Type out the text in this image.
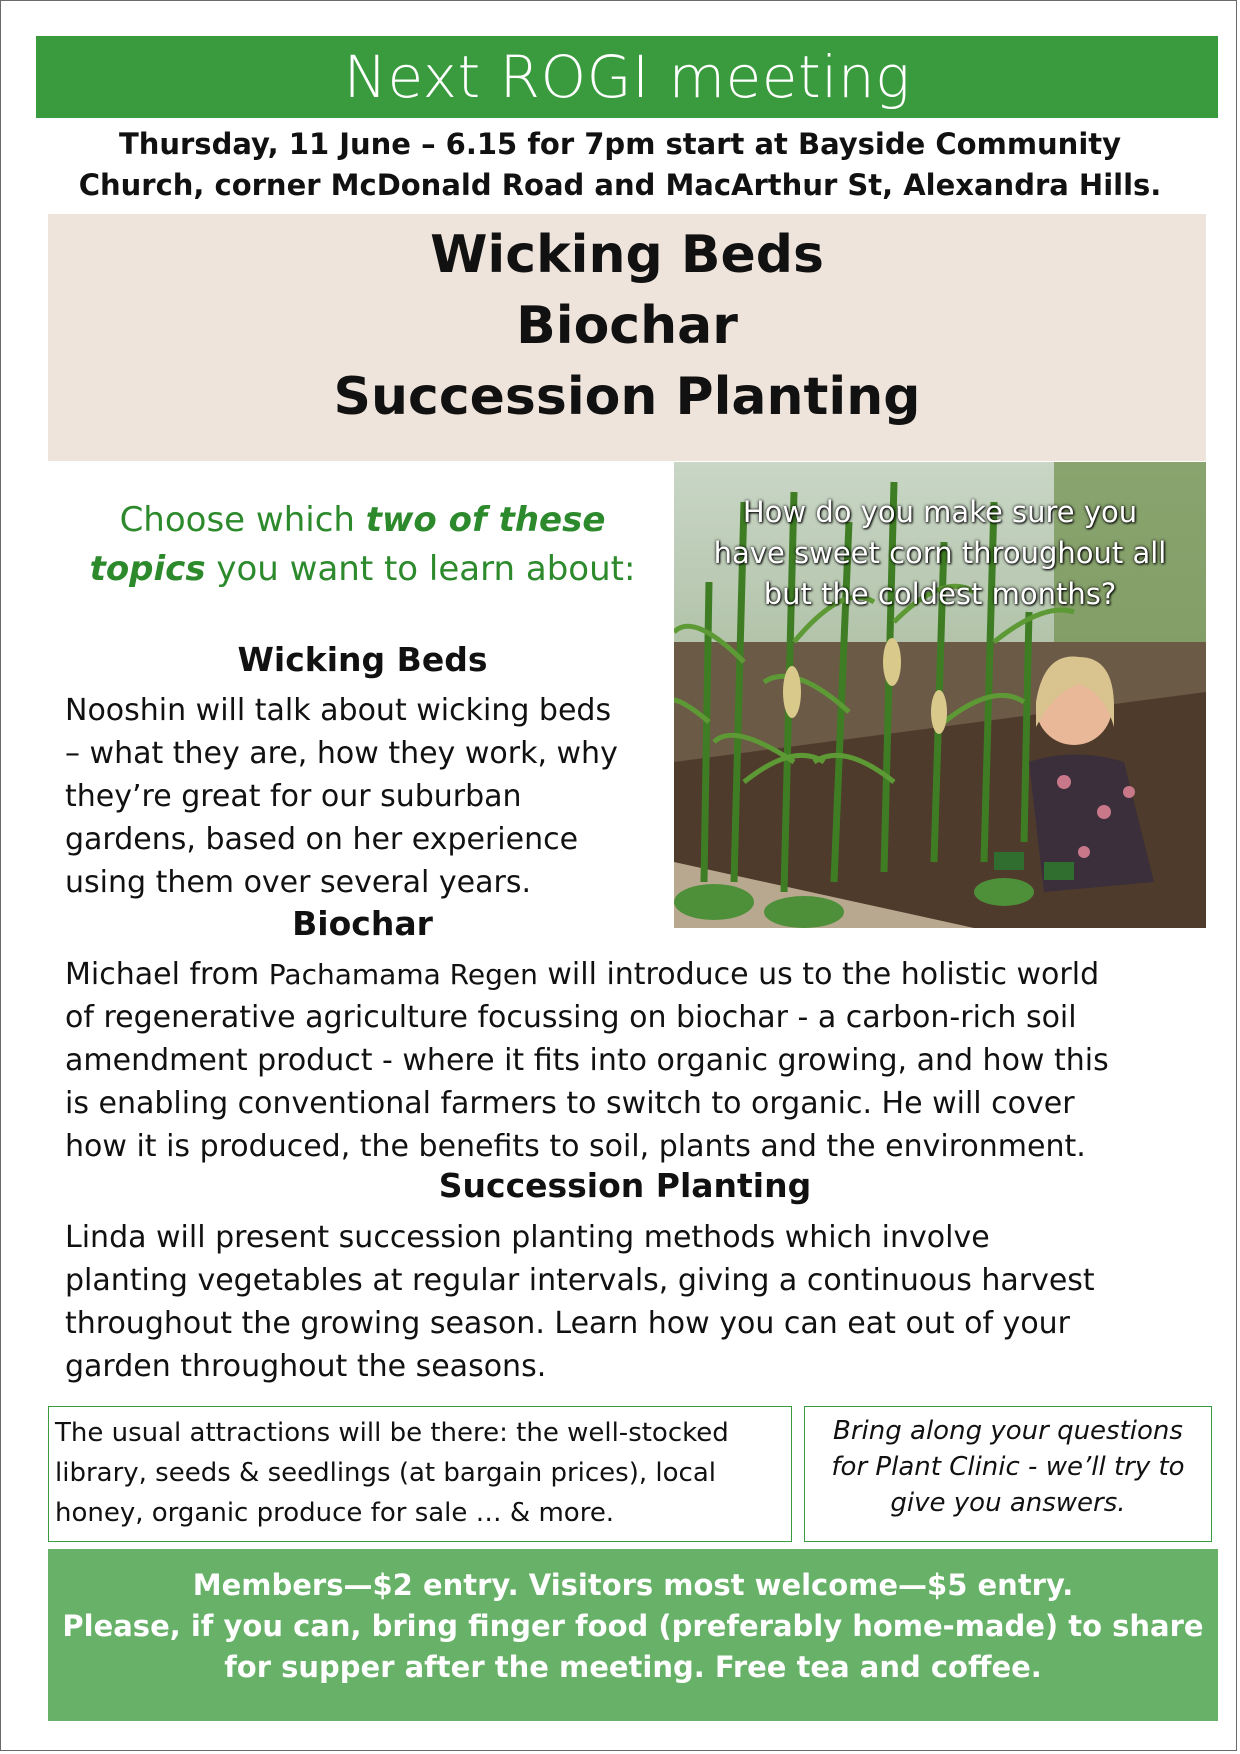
Next ROGI meeting
Thursday, 11 June – 6.15 for 7pm start at Bayside Community
Church, corner McDonald Road and MacArthur St, Alexandra Hills.
Wicking Beds
Biochar
Succession Planting
Choose which two of these
topics you want to learn about:
How do you make sure you
have sweet corn throughout all
but the coldest months?
Wicking Beds
Nooshin will talk about wicking beds
– what they are, how they work, why
they’re great for our suburban
gardens, based on her experience
using them over several years.
Biochar
Michael from Pachamama Regen will introduce us to the holistic world
of regenerative agriculture focussing on biochar - a carbon-rich soil
amendment product - where it fits into organic growing, and how this
is enabling conventional farmers to switch to organic. He will cover
how it is produced, the benefits to soil, plants and the environment.
Succession Planting
Linda will present succession planting methods which involve
planting vegetables at regular intervals, giving a continuous harvest
throughout the growing season. Learn how you can eat out of your
garden throughout the seasons.
The usual attractions will be there: the well-stocked
library, seeds & seedlings (at bargain prices), local
honey, organic produce for sale … & more.
Bring along your questions
for Plant Clinic - we’ll try to
give you answers.
Members—$2 entry. Visitors most welcome—$5 entry.
Please, if you can, bring finger food (preferably home-made) to share
for supper after the meeting. Free tea and coffee.
